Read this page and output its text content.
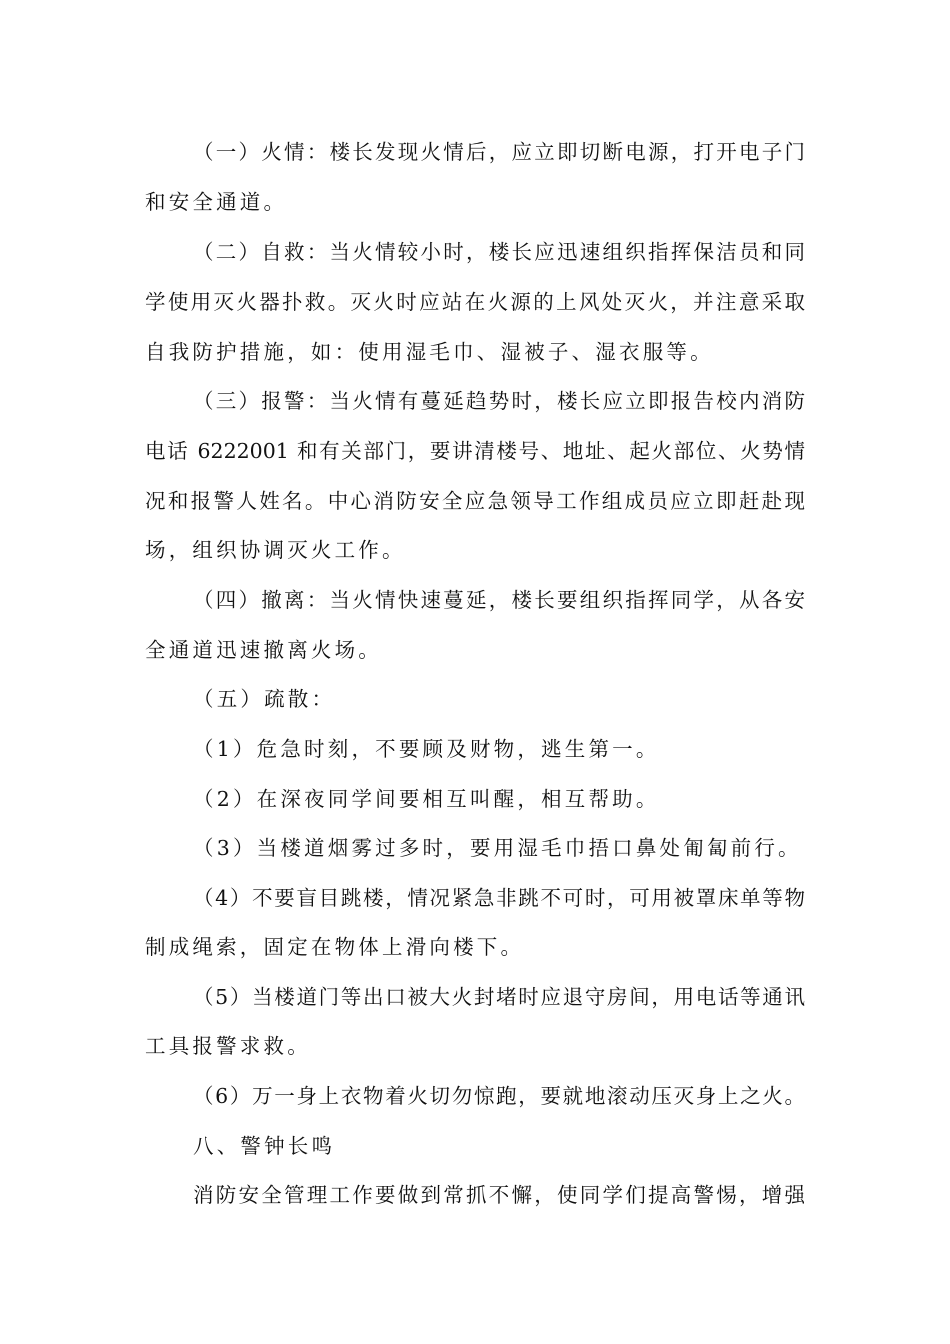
（一）火情：楼长发现火情后，应立即切断电源，打开电子门
和安全通道。
（二）自救：当火情较小时，楼长应迅速组织指挥保洁员和同
学使用灭火器扑救。灭火时应站在火源的上风处灭火，并注意采取
自我防护措施，如：使用湿毛巾、湿被子、湿衣服等。
（三）报警：当火情有蔓延趋势时，楼长应立即报告校内消防
电话 6222001 和有关部门，要讲清楼号、地址、起火部位、火势情
况和报警人姓名。中心消防安全应急领导工作组成员应立即赶赴现
场，组织协调灭火工作。
（四）撤离：当火情快速蔓延，楼长要组织指挥同学，从各安
全通道迅速撤离火场。
（五）疏散：
（1）危急时刻，不要顾及财物，逃生第一。
（2）在深夜同学间要相互叫醒，相互帮助。
（3）当楼道烟雾过多时，要用湿毛巾捂口鼻处匍匐前行。
（4）不要盲目跳楼，情况紧急非跳不可时，可用被罩床单等物
制成绳索，固定在物体上滑向楼下。
（5）当楼道门等出口被大火封堵时应退守房间，用电话等通讯
工具报警求救。
（6）万一身上衣物着火切勿惊跑，要就地滚动压灭身上之火。
八、警钟长鸣
消防安全管理工作要做到常抓不懈，使同学们提高警惕，增强
